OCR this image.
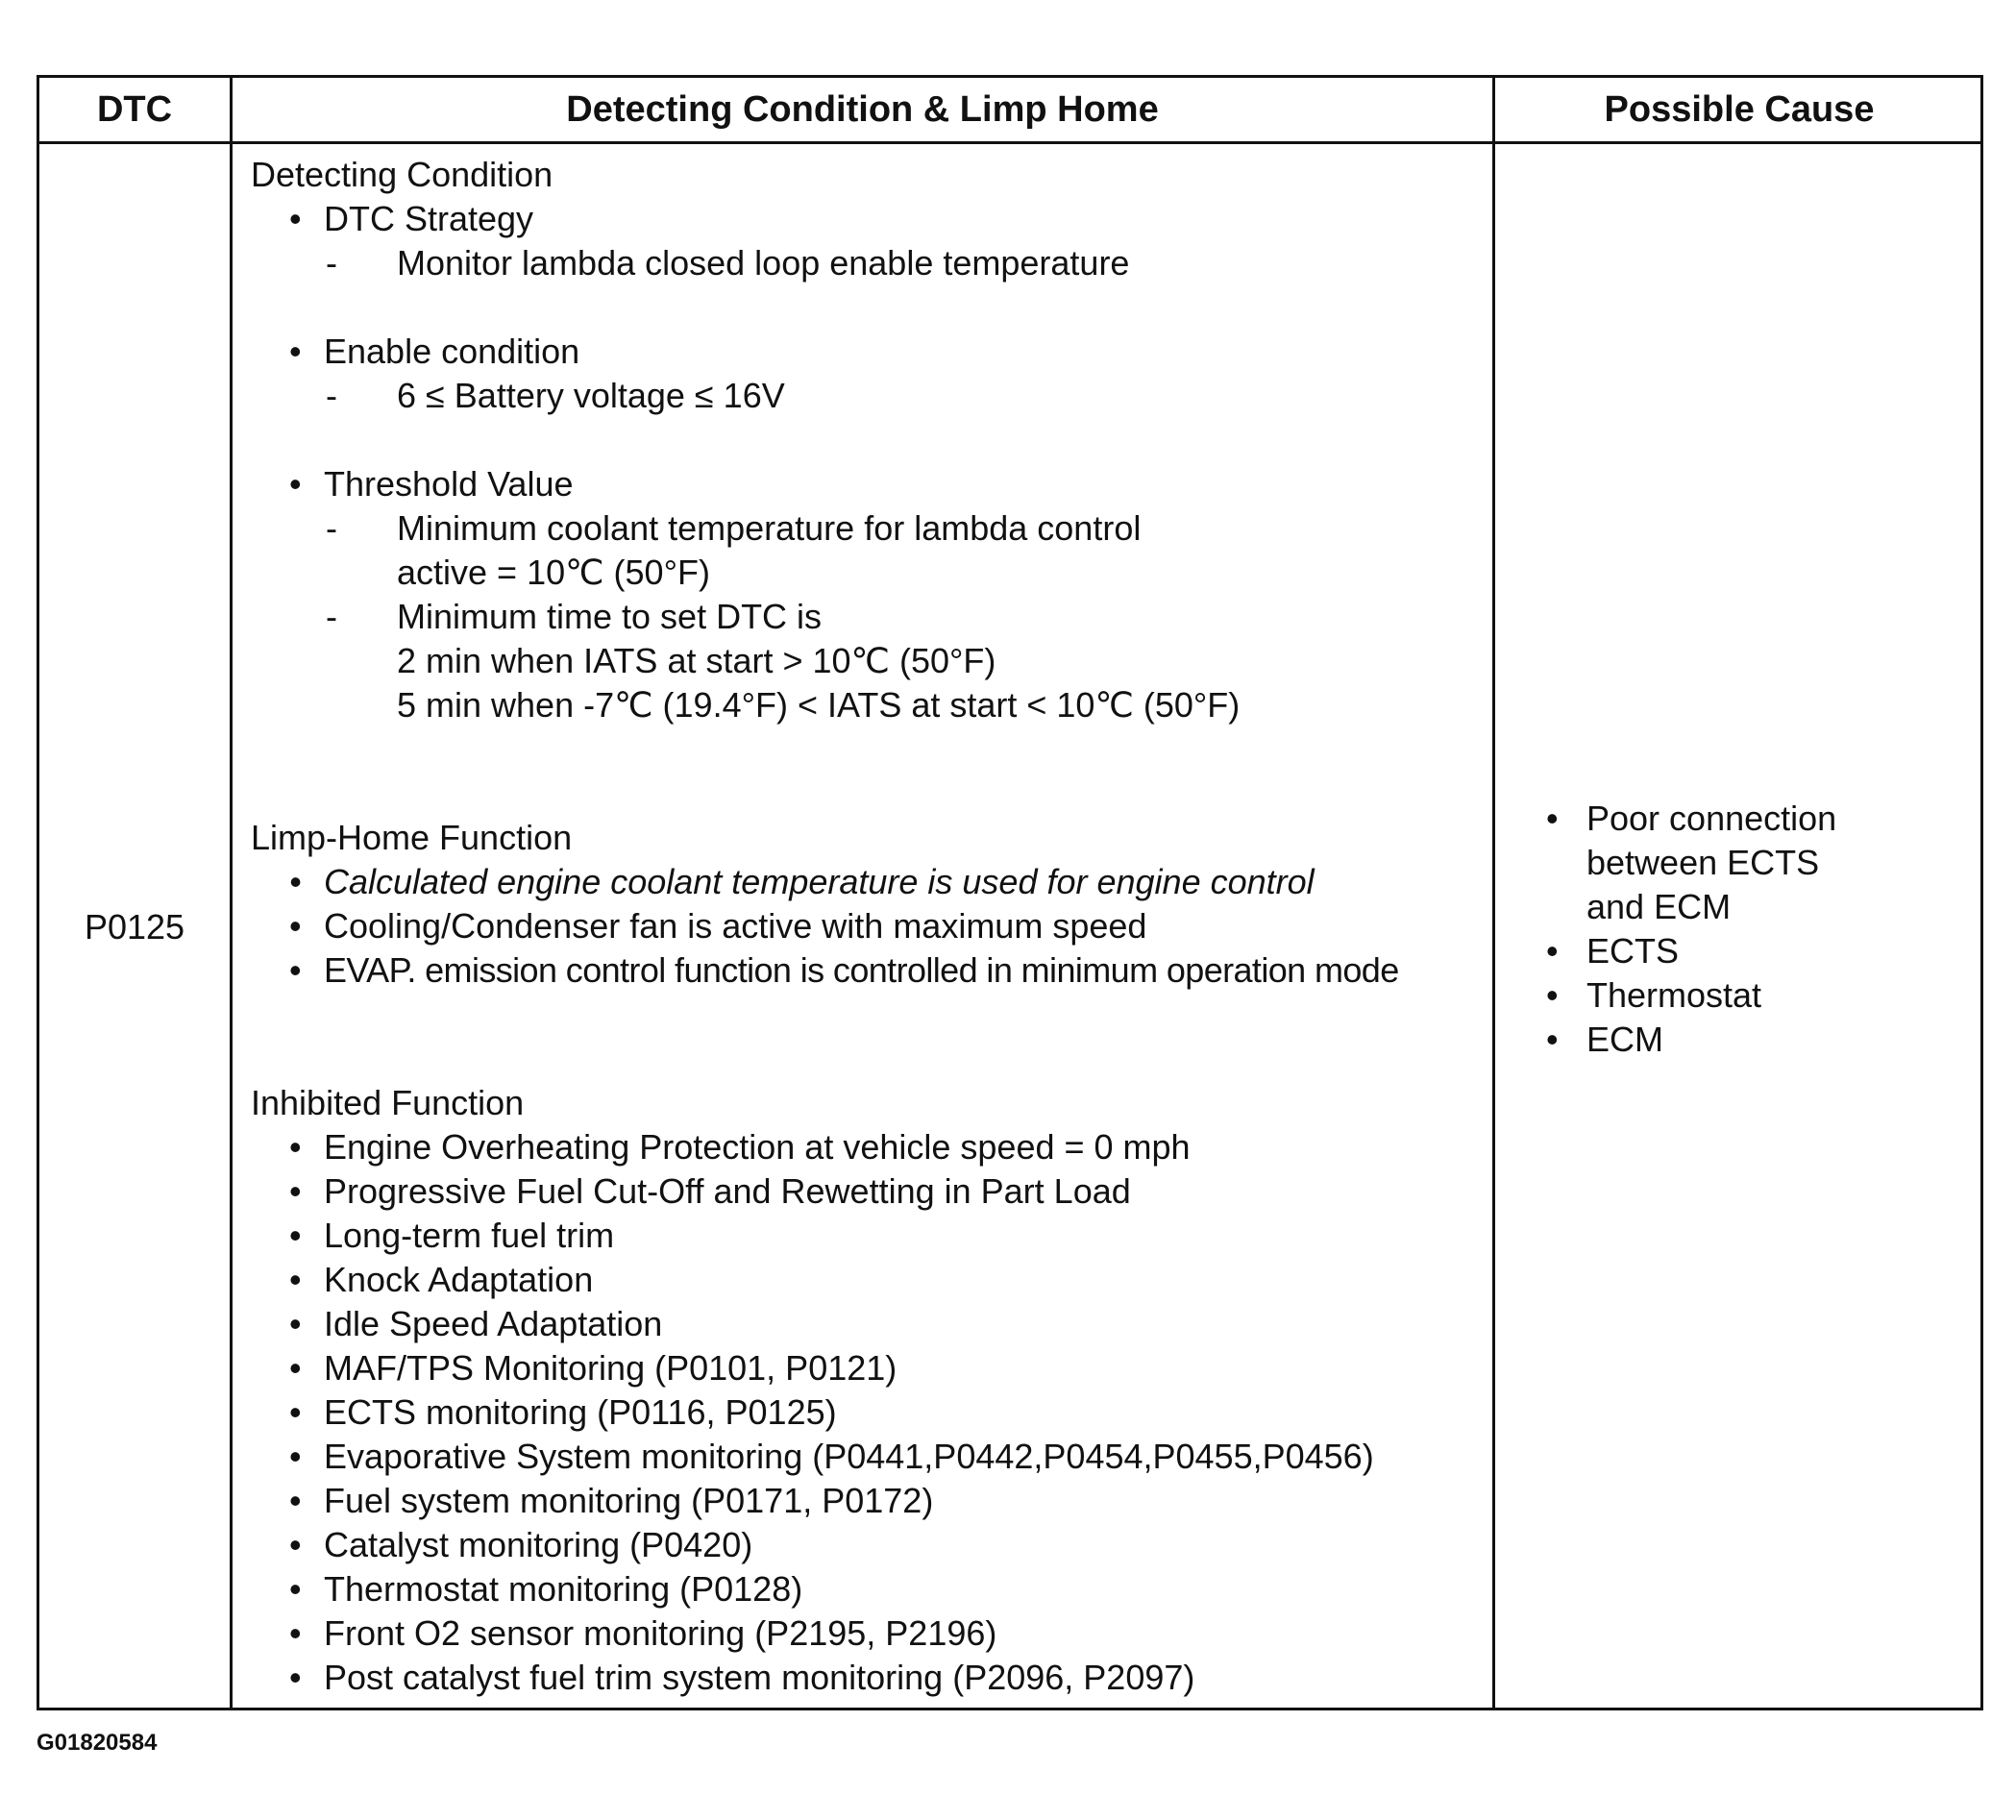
DTC	Detecting Condition & Limp Home	Possible Cause
P0125
Detecting Condition
• DTC Strategy
- Monitor lambda closed loop enable temperature
• Enable condition
- 6 ≤ Battery voltage ≤ 16V
• Threshold Value
- Minimum coolant temperature for lambda control
active = 10℃ (50°F)
- Minimum time to set DTC is
2 min when IATS at start > 10℃ (50°F)
5 min when -7℃ (19.4°F) < IATS at start < 10℃ (50°F)
Limp-Home Function
• Calculated engine coolant temperature is used for engine control
• Cooling/Condenser fan is active with maximum speed
• EVAP. emission control function is controlled in minimum operation mode
Inhibited Function
• Engine Overheating Protection at vehicle speed = 0 mph
• Progressive Fuel Cut-Off and Rewetting in Part Load
• Long-term fuel trim
• Knock Adaptation
• Idle Speed Adaptation
• MAF/TPS Monitoring (P0101, P0121)
• ECTS monitoring (P0116, P0125)
• Evaporative System monitoring (P0441,P0442,P0454,P0455,P0456)
• Fuel system monitoring (P0171, P0172)
• Catalyst monitoring (P0420)
• Thermostat monitoring (P0128)
• Front O2 sensor monitoring (P2195, P2196)
• Post catalyst fuel trim system monitoring (P2096, P2097)
• Poor connection
between ECTS
and ECM
• ECTS
• Thermostat
• ECM
G01820584
